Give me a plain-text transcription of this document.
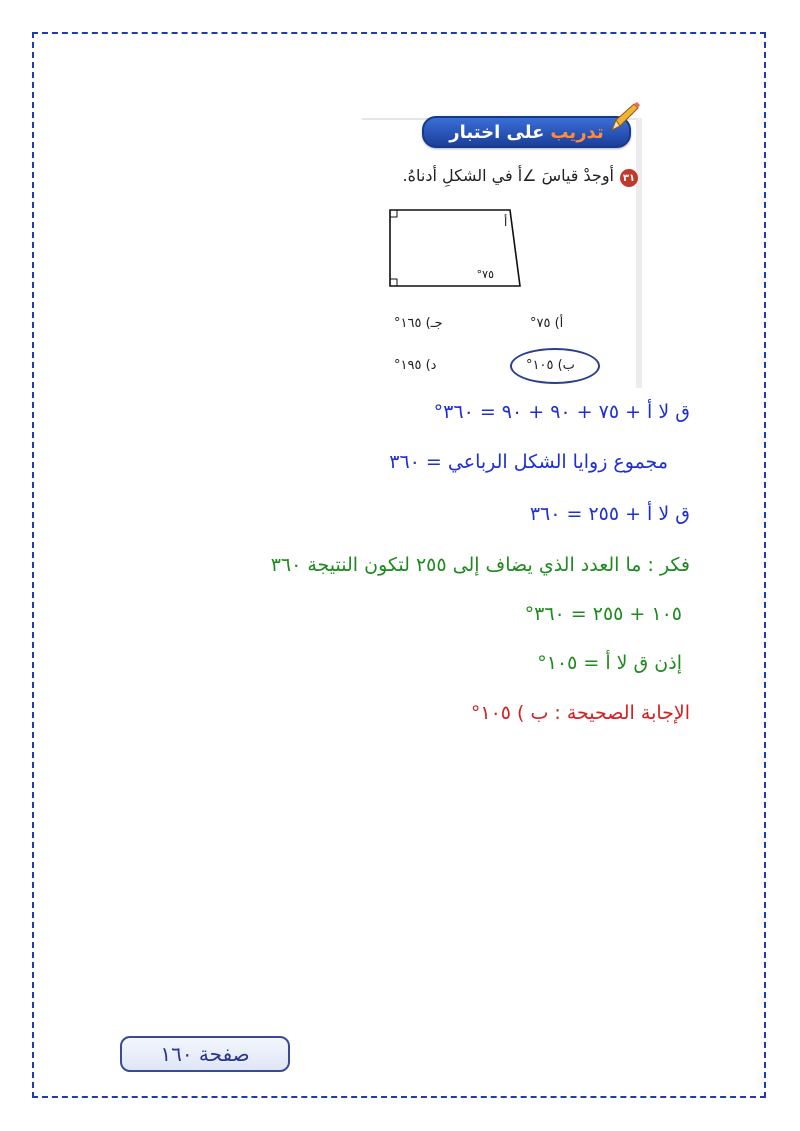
تدريب
على اختبار
٣١
أوجدْ قياسَ ∠أ في الشكلِ أدناهُ.
أ
٧٥°
أ) ٧٥°
جـ) ١٦٥°
ب) ١٠٥°
د) ١٩٥°
ق لا أ + ٧٥ + ٩٠ + ٩٠ = ٣٦٠°
مجموع زوايا الشكل الرباعي = ٣٦٠
ق لا أ + ٢٥٥ = ٣٦٠
فكر : ما العدد الذي يضاف إلى ٢٥٥ لتكون النتيجة ٣٦٠
١٠٥ + ٢٥٥ = ٣٦٠°
إذن ق لا أ = ١٠٥°
الإجابة الصحيحة : ب ) ١٠٥°
صفحة ١٦٠
